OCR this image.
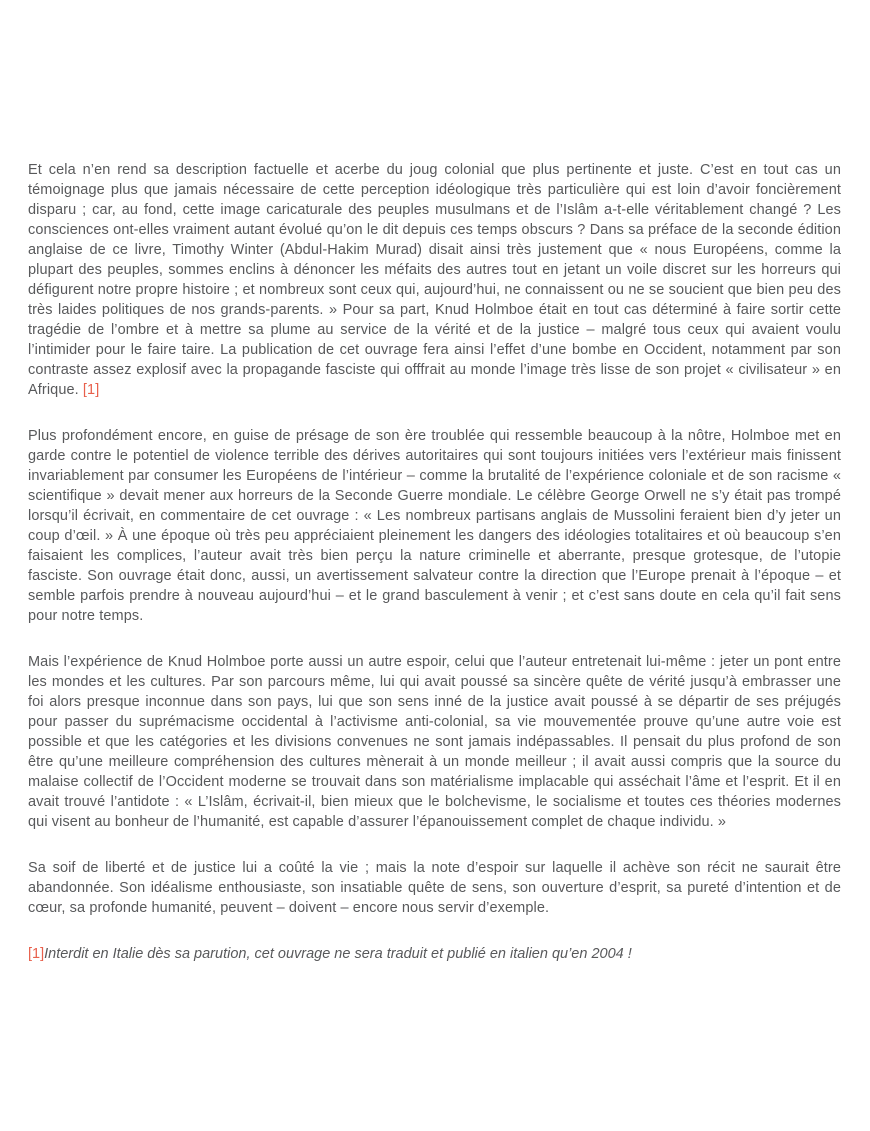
Et cela n’en rend sa description factuelle et acerbe du joug colonial que plus pertinente et juste. C’est en tout cas un témoignage plus que jamais nécessaire de cette perception idéologique très particulière qui est loin d’avoir foncièrement disparu ; car, au fond, cette image caricaturale des peuples musulmans et de l’Islâm a-t-elle véritablement changé ? Les consciences ont-elles vraiment autant évolué qu’on le dit depuis ces temps obscurs ? Dans sa préface de la seconde édition anglaise de ce livre, Timothy Winter (Abdul-Hakim Murad) disait ainsi très justement que « nous Européens, comme la plupart des peuples, sommes enclins à dénoncer les méfaits des autres tout en jetant un voile discret sur les horreurs qui défigurent notre propre histoire ; et nombreux sont ceux qui, aujourd’hui, ne connaissent ou ne se soucient que bien peu des très laides politiques de nos grands-parents. » Pour sa part, Knud Holmboe était en tout cas déterminé à faire sortir cette tragédie de l’ombre et à mettre sa plume au service de la vérité et de la justice – malgré tous ceux qui avaient voulu l’intimider pour le faire taire. La publication de cet ouvrage fera ainsi l’effet d’une bombe en Occident, notamment par son contraste assez explosif avec la propagande fasciste qui offfrait au monde l’image très lisse de son projet « civilisateur » en Afrique. [1]

Plus profondément encore, en guise de présage de son ère troublée qui ressemble beaucoup à la nôtre, Holmboe met en garde contre le potentiel de violence terrible des dérives autoritaires qui sont toujours initiées vers l’extérieur mais finissent invariablement par consumer les Européens de l’intérieur – comme la brutalité de l’expérience coloniale et de son racisme « scientifique » devait mener aux horreurs de la Seconde Guerre mondiale. Le célèbre George Orwell ne s’y était pas trompé lorsqu’il écrivait, en commentaire de cet ouvrage : « Les nombreux partisans anglais de Mussolini feraient bien d’y jeter un coup d’œil. » À une époque où très peu appréciaient pleinement les dangers des idéologies totalitaires et où beaucoup s’en faisaient les complices, l’auteur avait très bien perçu la nature criminelle et aberrante, presque grotesque, de l’utopie fasciste. Son ouvrage était donc, aussi, un avertissement salvateur contre la direction que l’Europe prenait à l’époque – et semble parfois prendre à nouveau aujourd’hui – et le grand basculement à venir ; et c’est sans doute en cela qu’il fait sens pour notre temps.

Mais l’expérience de Knud Holmboe porte aussi un autre espoir, celui que l’auteur entretenait lui-même : jeter un pont entre les mondes et les cultures. Par son parcours même, lui qui avait poussé sa sincère quête de vérité jusqu’à embrasser une foi alors presque inconnue dans son pays, lui que son sens inné de la justice avait poussé à se départir de ses préjugés pour passer du suprémacisme occidental à l’activisme anti-colonial, sa vie mouvementée prouve qu’une autre voie est possible et que les catégories et les divisions convenues ne sont jamais indépassables. Il pensait du plus profond de son être qu’une meilleure compréhension des cultures mènerait à un monde meilleur ; il avait aussi compris que la source du malaise collectif de l’Occident moderne se trouvait dans son matérialisme implacable qui asséchait l’âme et l’esprit. Et il en avait trouvé l’antidote : « L’Islâm, écrivait-il, bien mieux que le bolchevisme, le socialisme et toutes ces théories modernes qui visent au bonheur de l’humanité, est capable d’assurer l’épanouissement complet de chaque individu. »

Sa soif de liberté et de justice lui a coûté la vie ; mais la note d’espoir sur laquelle il achève son récit ne saurait être abandonnée. Son idéalisme enthousiaste, son insatiable quête de sens, son ouverture d’esprit, sa pureté d’intention et de cœur, sa profonde humanité, peuvent – doivent – encore nous servir d’exemple.

[1]Interdit en Italie dès sa parution, cet ouvrage ne sera traduit et publié en italien qu’en 2004 !
